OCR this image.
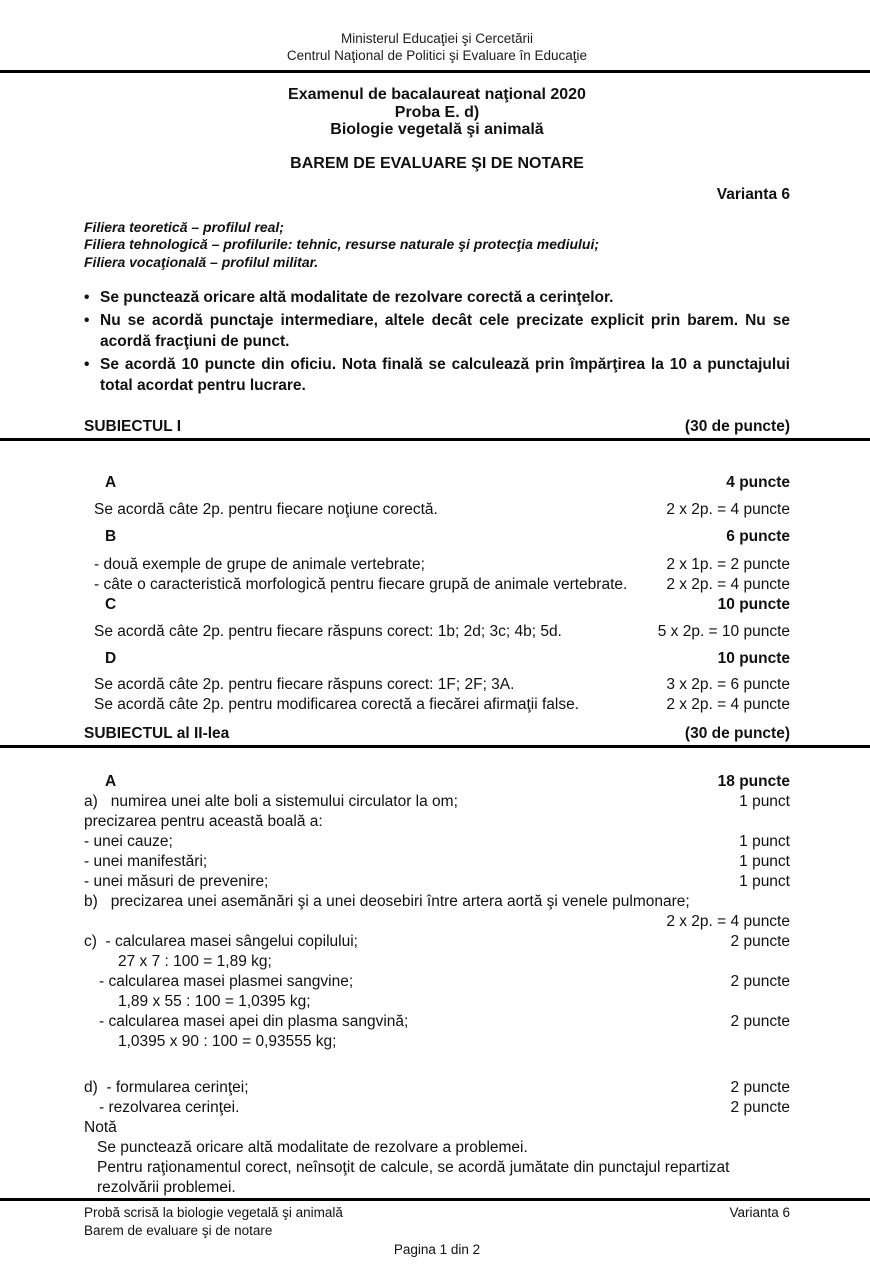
Ministerul Educaţiei şi Cercetării
Centrul Naţional de Politici şi Evaluare în Educaţie
Examenul de bacalaureat naţional 2020
Proba E. d)
Biologie vegetală şi animală
BAREM DE EVALUARE ŞI DE NOTARE
Varianta 6
Filiera teoretică – profilul real;
Filiera tehnologică – profilurile: tehnic, resurse naturale şi protecţia mediului;
Filiera vocaţională – profilul militar.
• Se punctează oricare altă modalitate de rezolvare corectă a cerinţelor.
• Nu se acordă punctaje intermediare, altele decât cele precizate explicit prin barem. Nu se acordă fracţiuni de punct.
• Se acordă 10 puncte din oficiu. Nota finală se calculează prin împărţirea la 10 a punctajului total acordat pentru lucrare.
SUBIECTUL I	(30 de puncte)
A	4 puncte
Se acordă câte 2p. pentru fiecare noţiune corectă.	2 x 2p. = 4 puncte
B	6 puncte
- două exemple de grupe de animale vertebrate;	2 x 1p. = 2 puncte
- câte o caracteristică morfologică pentru fiecare grupă de animale vertebrate.	2 x 2p. = 4 puncte
C	10 puncte
Se acordă câte 2p. pentru fiecare răspuns corect: 1b; 2d; 3c; 4b; 5d.	5 x 2p. = 10 puncte
D	10 puncte
Se acordă câte 2p. pentru fiecare răspuns corect: 1F; 2F; 3A.	3 x 2p. = 6 puncte
Se acordă câte 2p. pentru modificarea corectă a fiecărei afirmaţii false.	2 x 2p. = 4 puncte
SUBIECTUL al II-lea	(30 de puncte)
A	18 puncte
a)   numirea unei alte boli a sistemului circulator la om;	1 punct
precizarea pentru această boală a:
- unei cauze;	1 punct
- unei manifestări;	1 punct
- unei măsuri de prevenire;	1 punct
b)   precizarea unei asemănări şi a unei deosebiri între artera aortă şi venele pulmonare;
2 x 2p. = 4 puncte
c)  - calcularea masei sângelui copilului;	2 puncte
27 x 7 : 100 = 1,89 kg;
- calcularea masei plasmei sangvine;	2 puncte
1,89 x 55 : 100 = 1,0395 kg;
- calcularea masei apei din plasma sangvină;	2 puncte
1,0395 x 90 : 100 = 0,93555 kg;
d)  - formularea cerinţei;	2 puncte
- rezolvarea cerinţei.	2 puncte
Notă
Se punctează oricare altă modalitate de rezolvare a problemei.
Pentru raţionamentul corect, neînsoţit de calcule, se acordă jumătate din punctajul repartizat rezolvării problemei.
Probă scrisă la biologie vegetală şi animală	Varianta 6
Barem de evaluare şi de notare
Pagina 1 din 2
